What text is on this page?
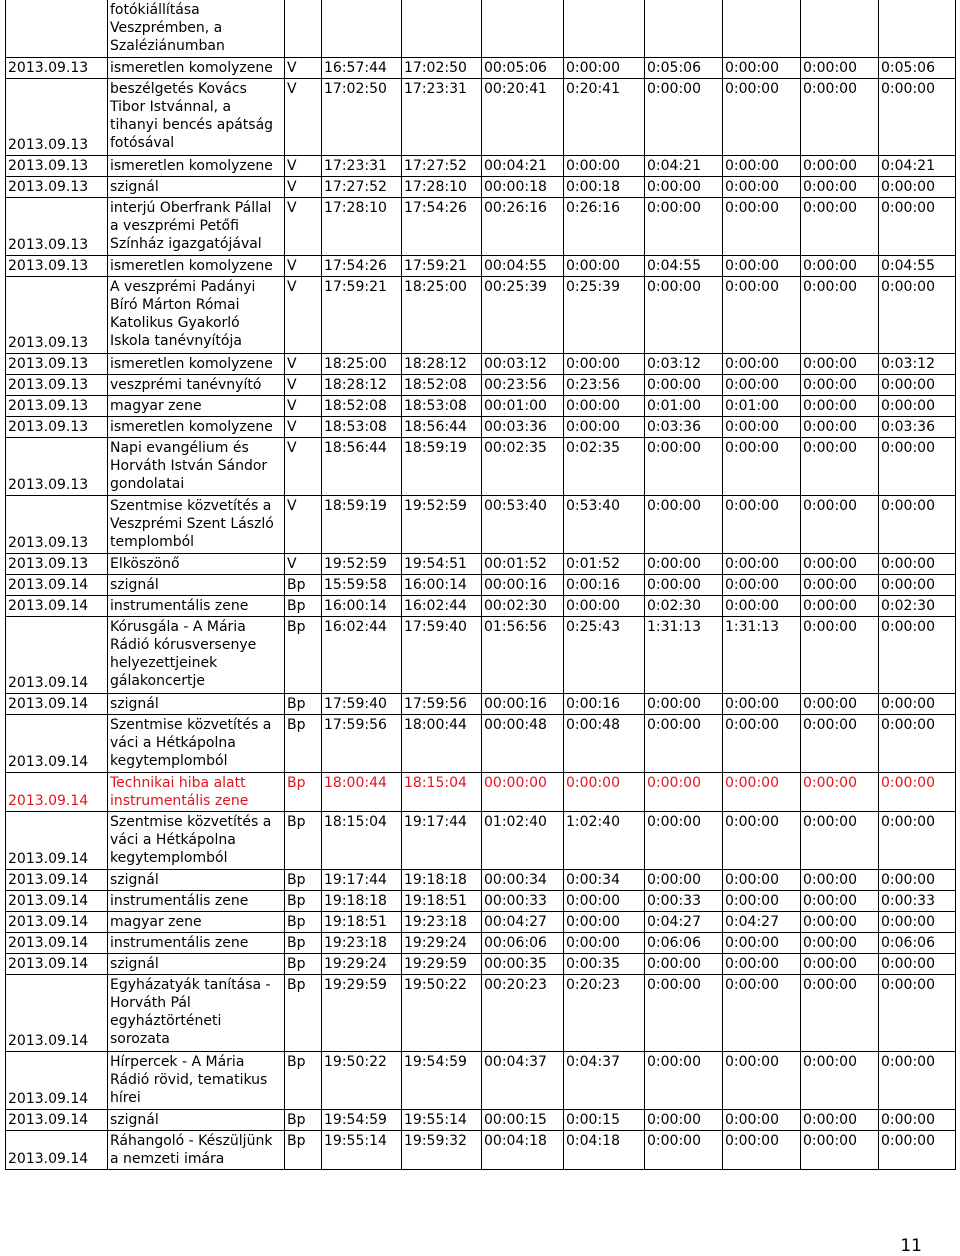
	fotókiállítása Veszprémben, a Szaléziánumban									
2013.09.13	ismeretlen komolyzene	V	16:57:44	17:02:50	00:05:06	0:00:00	0:05:06	0:00:00	0:00:00	0:05:06
2013.09.13	beszélgetés Kovács Tibor Istvánnal, a tihanyi bencés apátság fotósával	V	17:02:50	17:23:31	00:20:41	0:20:41	0:00:00	0:00:00	0:00:00	0:00:00
2013.09.13	ismeretlen komolyzene	V	17:23:31	17:27:52	00:04:21	0:00:00	0:04:21	0:00:00	0:00:00	0:04:21
2013.09.13	szignál	V	17:27:52	17:28:10	00:00:18	0:00:18	0:00:00	0:00:00	0:00:00	0:00:00
2013.09.13	interjú Oberfrank Pállal a veszprémi Petőfi Színház igazgatójával	V	17:28:10	17:54:26	00:26:16	0:26:16	0:00:00	0:00:00	0:00:00	0:00:00
2013.09.13	ismeretlen komolyzene	V	17:54:26	17:59:21	00:04:55	0:00:00	0:04:55	0:00:00	0:00:00	0:04:55
2013.09.13	A veszprémi Padányi Bíró Márton Római Katolikus Gyakorló Iskola tanévnyítója	V	17:59:21	18:25:00	00:25:39	0:25:39	0:00:00	0:00:00	0:00:00	0:00:00
2013.09.13	ismeretlen komolyzene	V	18:25:00	18:28:12	00:03:12	0:00:00	0:03:12	0:00:00	0:00:00	0:03:12
2013.09.13	veszprémi tanévnyító	V	18:28:12	18:52:08	00:23:56	0:23:56	0:00:00	0:00:00	0:00:00	0:00:00
2013.09.13	magyar zene	V	18:52:08	18:53:08	00:01:00	0:00:00	0:01:00	0:01:00	0:00:00	0:00:00
2013.09.13	ismeretlen komolyzene	V	18:53:08	18:56:44	00:03:36	0:00:00	0:03:36	0:00:00	0:00:00	0:03:36
2013.09.13	Napi evangélium és Horváth István Sándor gondolatai	V	18:56:44	18:59:19	00:02:35	0:02:35	0:00:00	0:00:00	0:00:00	0:00:00
2013.09.13	Szentmise közvetítés a Veszprémi Szent László templomból	V	18:59:19	19:52:59	00:53:40	0:53:40	0:00:00	0:00:00	0:00:00	0:00:00
2013.09.13	Elköszönő	V	19:52:59	19:54:51	00:01:52	0:01:52	0:00:00	0:00:00	0:00:00	0:00:00
2013.09.14	szignál	Bp	15:59:58	16:00:14	00:00:16	0:00:16	0:00:00	0:00:00	0:00:00	0:00:00
2013.09.14	instrumentális zene	Bp	16:00:14	16:02:44	00:02:30	0:00:00	0:02:30	0:00:00	0:00:00	0:02:30
2013.09.14	Kórusgála - A Mária Rádió kórusversenye helyezettjeinek gálakoncertje	Bp	16:02:44	17:59:40	01:56:56	0:25:43	1:31:13	1:31:13	0:00:00	0:00:00
2013.09.14	szignál	Bp	17:59:40	17:59:56	00:00:16	0:00:16	0:00:00	0:00:00	0:00:00	0:00:00
2013.09.14	Szentmise közvetítés a váci a Hétkápolna kegytemplomból	Bp	17:59:56	18:00:44	00:00:48	0:00:48	0:00:00	0:00:00	0:00:00	0:00:00
2013.09.14	Technikai hiba alatt instrumentális zene	Bp	18:00:44	18:15:04	00:00:00	0:00:00	0:00:00	0:00:00	0:00:00	0:00:00
2013.09.14	Szentmise közvetítés a váci a Hétkápolna kegytemplomból	Bp	18:15:04	19:17:44	01:02:40	1:02:40	0:00:00	0:00:00	0:00:00	0:00:00
2013.09.14	szignál	Bp	19:17:44	19:18:18	00:00:34	0:00:34	0:00:00	0:00:00	0:00:00	0:00:00
2013.09.14	instrumentális zene	Bp	19:18:18	19:18:51	00:00:33	0:00:00	0:00:33	0:00:00	0:00:00	0:00:33
2013.09.14	magyar zene	Bp	19:18:51	19:23:18	00:04:27	0:00:00	0:04:27	0:04:27	0:00:00	0:00:00
2013.09.14	instrumentális zene	Bp	19:23:18	19:29:24	00:06:06	0:00:00	0:06:06	0:00:00	0:00:00	0:06:06
2013.09.14	szignál	Bp	19:29:24	19:29:59	00:00:35	0:00:35	0:00:00	0:00:00	0:00:00	0:00:00
2013.09.14	Egyházatyák tanítása - Horváth Pál egyháztörténeti sorozata	Bp	19:29:59	19:50:22	00:20:23	0:20:23	0:00:00	0:00:00	0:00:00	0:00:00
2013.09.14	Hírpercek - A Mária Rádió rövid, tematikus hírei	Bp	19:50:22	19:54:59	00:04:37	0:04:37	0:00:00	0:00:00	0:00:00	0:00:00
2013.09.14	szignál	Bp	19:54:59	19:55:14	00:00:15	0:00:15	0:00:00	0:00:00	0:00:00	0:00:00
2013.09.14	Ráhangoló - Készüljünk a nemzeti imára	Bp	19:55:14	19:59:32	00:04:18	0:04:18	0:00:00	0:00:00	0:00:00	0:00:00
11
